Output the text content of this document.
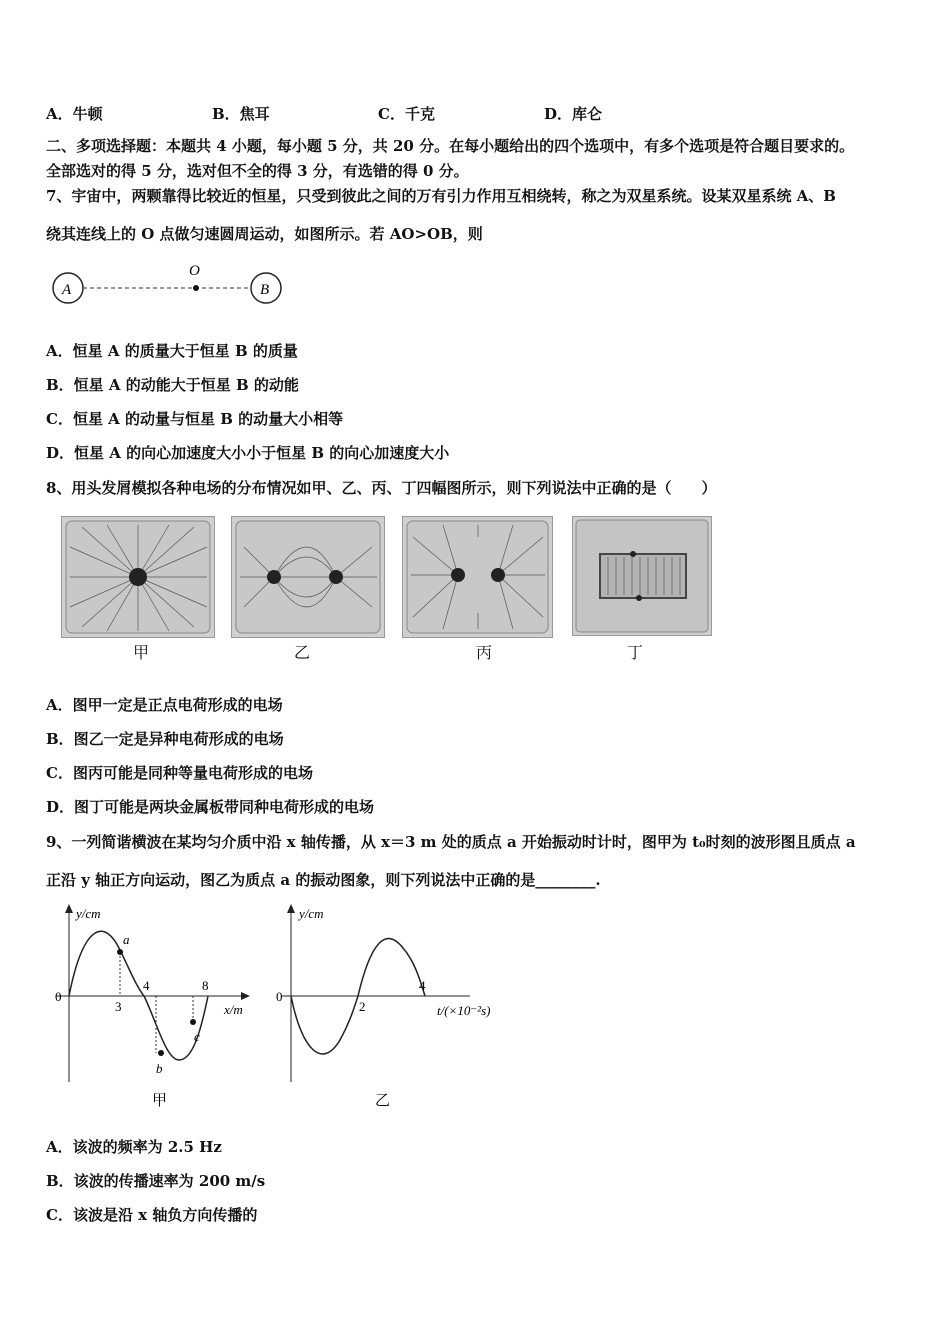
A．牛顿	B．焦耳	C．千克	D．库仑
二、多项选择题：本题共 4 小题，每小题 5 分，共 20 分。在每小题给出的四个选项中，有多个选项是符合题目要求的。
全部选对的得 5 分，选对但不全的得 3 分，有选错的得 0 分。
7、宇宙中，两颗靠得比较近的恒星，只受到彼此之间的万有引力作用互相绕转，称之为双星系统。设某双星系统 A、B
绕其连线上的 O 点做匀速圆周运动，如图所示。若 AO>OB，则
A
O
B
A．恒星 A 的质量大于恒星 B 的质量
B．恒星 A 的动能大于恒星 B 的动能
C．恒星 A 的动量与恒星 B 的动量大小相等
D．恒星 A 的向心加速度大小小于恒星 B 的向心加速度大小
8、用头发屑模拟各种电场的分布情况如甲、乙、丙、丁四幅图所示，则下列说法中正确的是（　　）
甲	乙	丙	丁
A．图甲一定是正点电荷形成的电场
B．图乙一定是异种电荷形成的电场
C．图丙可能是同种等量电荷形成的电场
D．图丁可能是两块金属板带同种电荷形成的电场
9、一列简谐横波在某均匀介质中沿 x 轴传播，从 x＝3 m 处的质点 a 开始振动时计时，图甲为 t₀时刻的波形图且质点 a
正沿 y 轴正方向运动，图乙为质点 a 的振动图象，则下列说法中正确的是________.
y/cm
x/m
0
a
b
c
3
4	8
甲
y/cm
t/(×10⁻²s)
0
2
4
乙
A．该波的频率为 2.5 Hz
B．该波的传播速率为 200 m/s
C．该波是沿 x 轴负方向传播的
